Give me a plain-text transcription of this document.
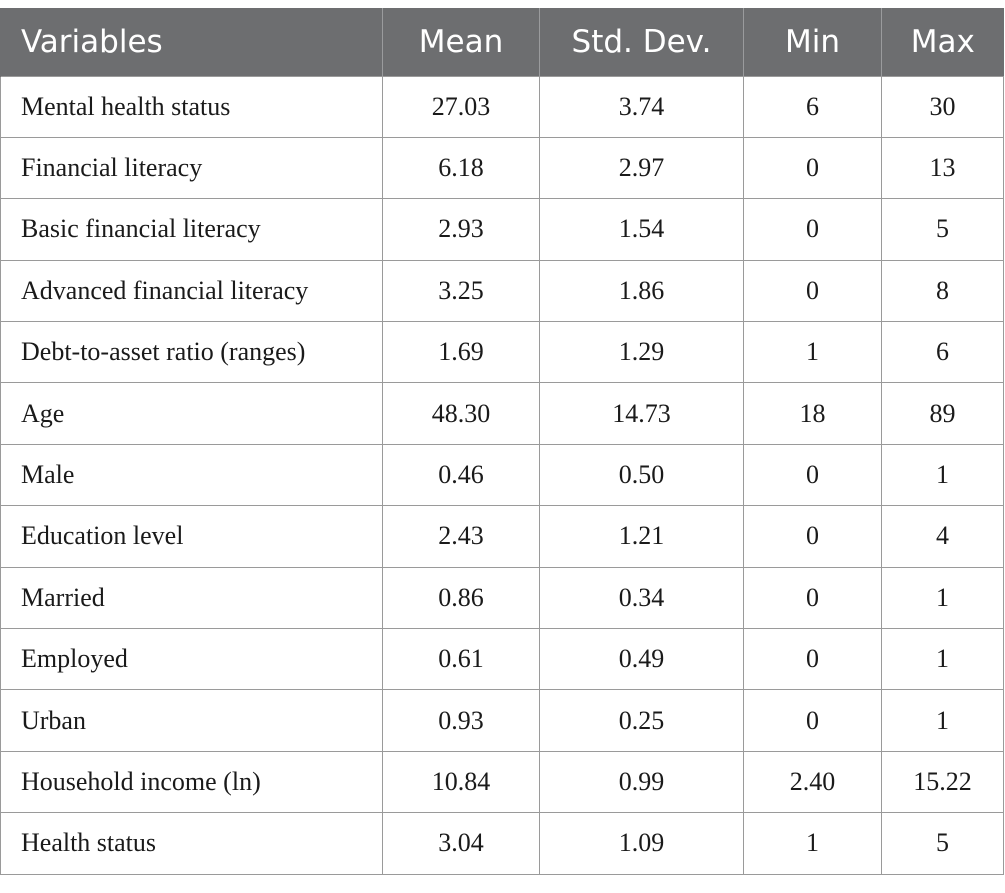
Variables	Mean	Std. Dev.	Min	Max
Mental health status	27.03	3.74	6	30
Financial literacy	6.18	2.97	0	13
Basic financial literacy	2.93	1.54	0	5
Advanced financial literacy	3.25	1.86	0	8
Debt-to-asset ratio (ranges)	1.69	1.29	1	6
Age	48.30	14.73	18	89
Male	0.46	0.50	0	1
Education level	2.43	1.21	0	4
Married	0.86	0.34	0	1
Employed	0.61	0.49	0	1
Urban	0.93	0.25	0	1
Household income (ln)	10.84	0.99	2.40	15.22
Health status	3.04	1.09	1	5
